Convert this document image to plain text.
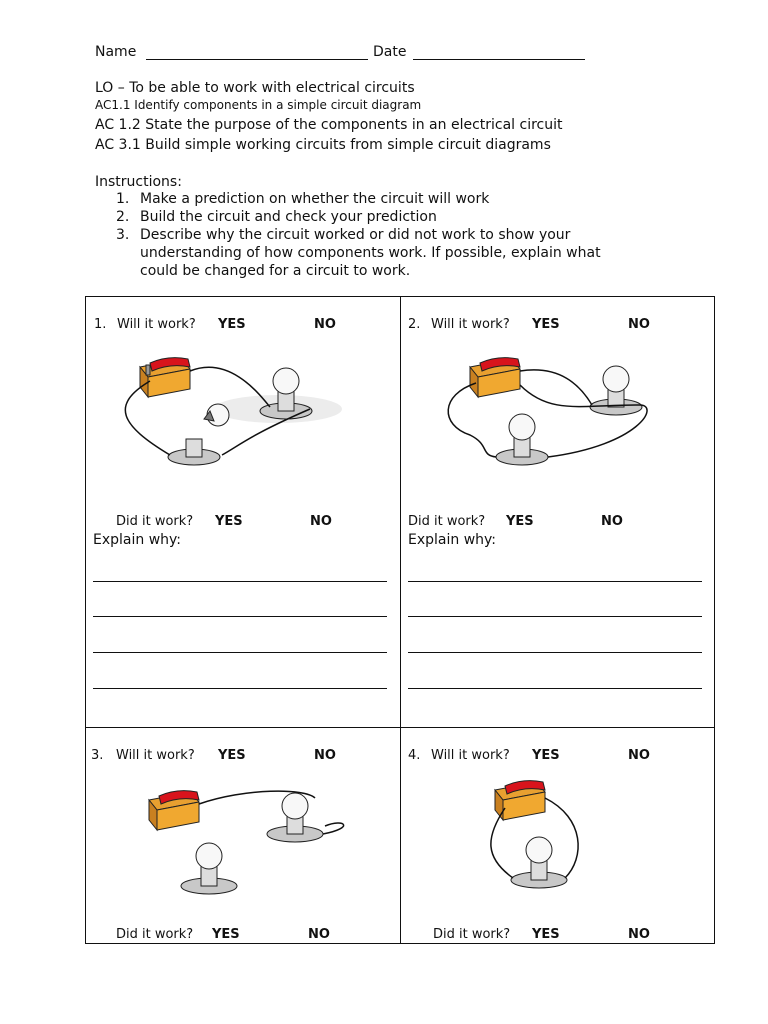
Name	Date
LO – To be able to work with electrical circuits
AC1.1 Identify components in a simple circuit diagram
AC 1.2 State the purpose of the components in an electrical circuit
AC 3.1 Build simple working circuits from simple circuit diagrams
Instructions:
1. Make a prediction on whether the circuit will work
2. Build the circuit and check your prediction
3. Describe why the circuit worked or did not work to show your
understanding of how components work. If possible, explain what
could be changed for a circuit to work.
1. Will it work? YES	NO
Did it work? YES	NO
Explain why:
2. Will it work? YES	NO
Did it work? YES	NO
Explain why:
3. Will it work? YES	NO
Did it work? YES	NO
4. Will it work? YES	NO
Did it work? YES	NO
